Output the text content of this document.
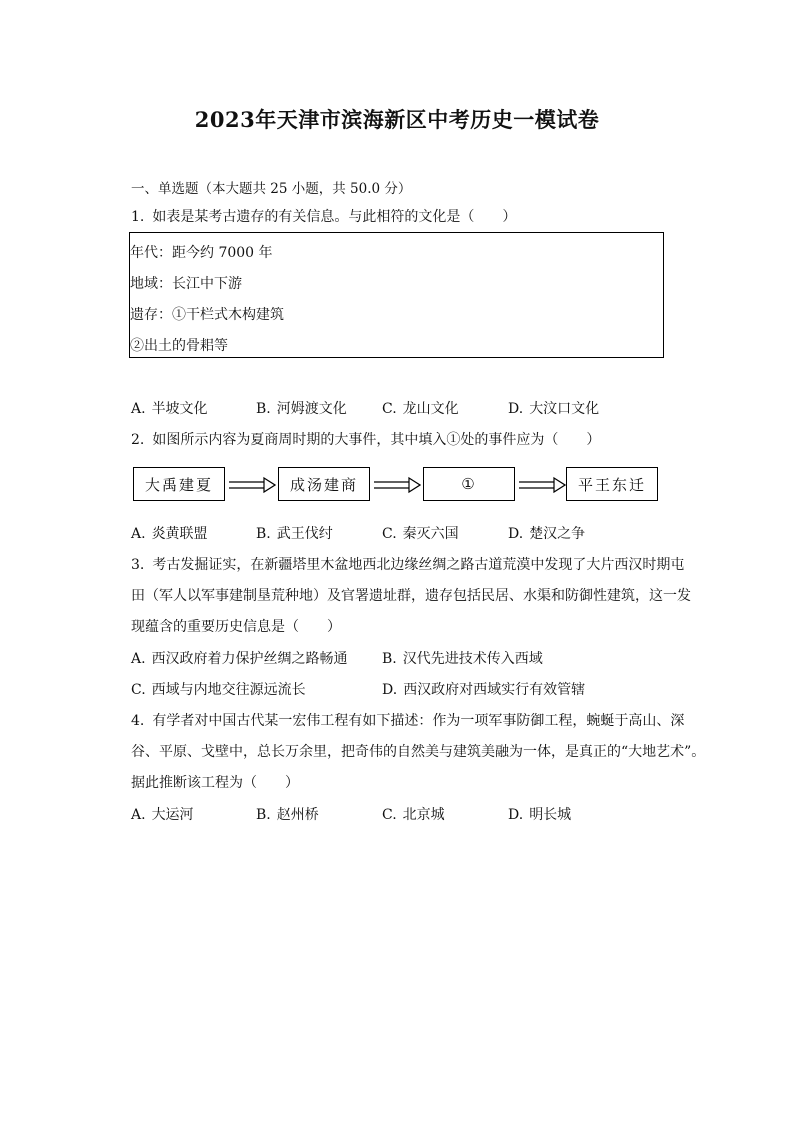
2023年天津市滨海新区中考历史一模试卷
一、单选题（本大题共 25 小题，共 50.0 分）
1. 如表是某考古遗存的有关信息。与此相符的文化是（　　）
年代：距今约 7000 年
地域：长江中下游
遗存：①干栏式木构建筑
②出土的骨耜等
A. 半坡文化	B. 河姆渡文化	C. 龙山文化	D. 大汶口文化
2. 如图所示内容为夏商周时期的大事件，其中填入①处的事件应为（　　）
大禹建夏	成汤建商	①	平王东迁
A. 炎黄联盟	B. 武王伐纣	C. 秦灭六国	D. 楚汉之争
3. 考古发掘证实，在新疆塔里木盆地西北边缘丝绸之路古道荒漠中发现了大片西汉时期屯
田（军人以军事建制垦荒种地）及官署遗址群，遗存包括民居、水渠和防御性建筑，这一发
现蕴含的重要历史信息是（　　）
A. 西汉政府着力保护丝绸之路畅通 B. 汉代先进技术传入西域
C. 西域与内地交往源远流长	D. 西汉政府对西域实行有效管辖
4. 有学者对中国古代某一宏伟工程有如下描述：作为一项军事防御工程，蜿蜒于高山、深
谷、平原、戈壁中，总长万余里，把奇伟的自然美与建筑美融为一体，是真正的“大地艺术”。
据此推断该工程为（　　）
A. 大运河	B. 赵州桥	C. 北京城	D. 明长城
